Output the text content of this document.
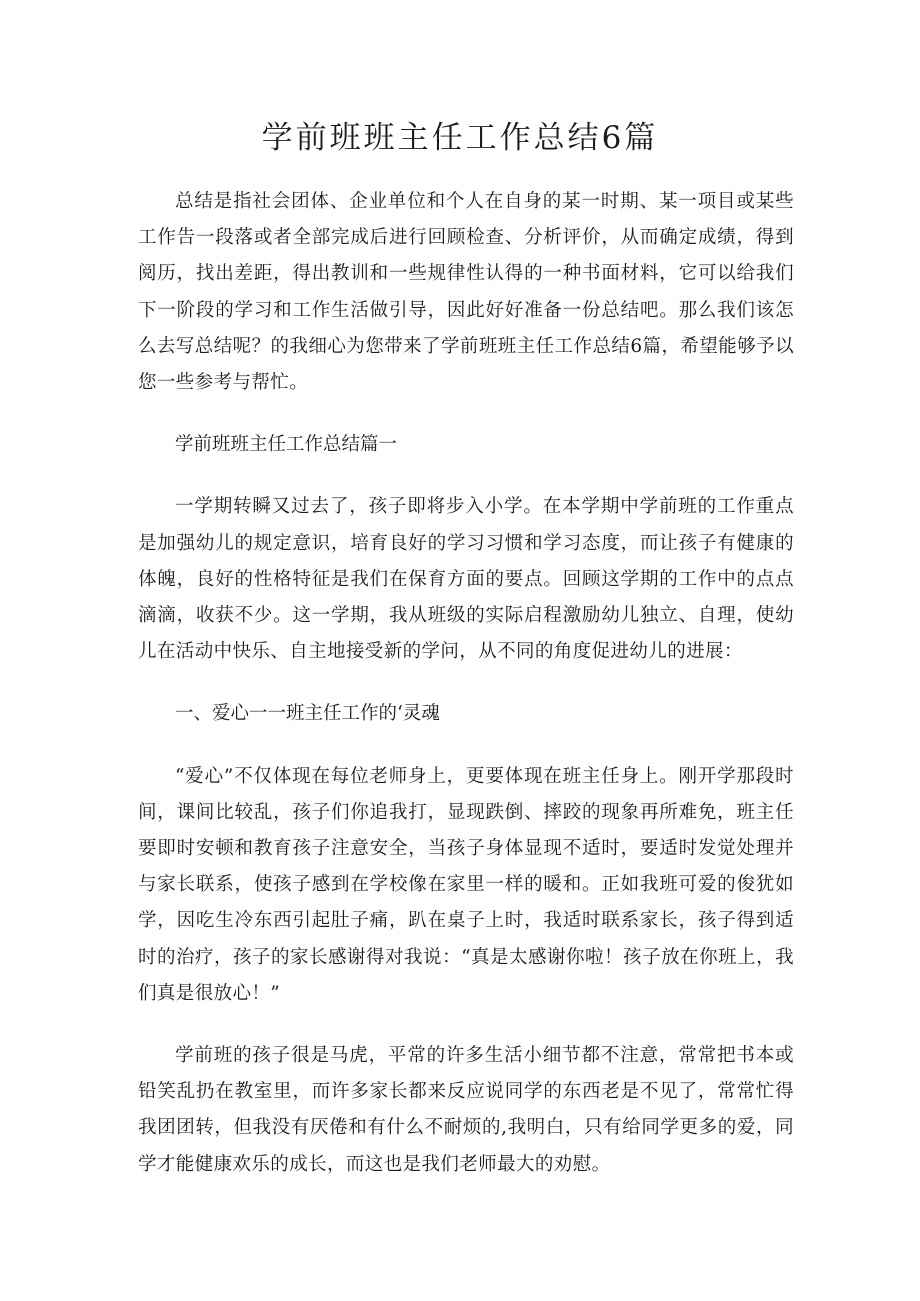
学前班班主任工作总结6篇

总结是指社会团体、企业单位和个人在自身的某一时期、某一项目或某些工作告一段落或者全部完成后进行回顾检查、分析评价，从而确定成绩，得到阅历，找出差距，得出教训和一些规律性认得的一种书面材料，它可以给我们下一阶段的学习和工作生活做引导，因此好好准备一份总结吧。那么我们该怎么去写总结呢？的我细心为您带来了学前班班主任工作总结6篇，希望能够予以您一些参考与帮忙。

学前班班主任工作总结篇一

一学期转瞬又过去了，孩子即将步入小学。在本学期中学前班的工作重点是加强幼儿的规定意识，培育良好的学习习惯和学习态度，而让孩子有健康的体魄，良好的性格特征是我们在保育方面的要点。回顾这学期的工作中的点点滴滴，收获不少。这一学期，我从班级的实际启程激励幼儿独立、自理，使幼儿在活动中快乐、自主地接受新的学问，从不同的角度促进幼儿的进展：

一、爱心一一班主任工作的‘灵魂

“爱心”不仅体现在每位老师身上，更要体现在班主任身上。刚开学那段时间，课间比较乱，孩子们你追我打，显现跌倒、摔跤的现象再所难免，班主任要即时安顿和教育孩子注意安全，当孩子身体显现不适时，要适时发觉处理并与家长联系，使孩子感到在学校像在家里一样的暖和。正如我班可爱的俊犹如学，因吃生冷东西引起肚子痛，趴在桌子上时，我适时联系家长，孩子得到适时的治疗，孩子的家长感谢得对我说：“真是太感谢你啦！孩子放在你班上，我们真是很放心！”

学前班的孩子很是马虎，平常的许多生活小细节都不注意，常常把书本或铅笑乱扔在教室里，而许多家长都来反应说同学的东西老是不见了，常常忙得我团团转，但我没有厌倦和有什么不耐烦的,我明白，只有给同学更多的爱，同学才能健康欢乐的成长，而这也是我们老师最大的劝慰。
